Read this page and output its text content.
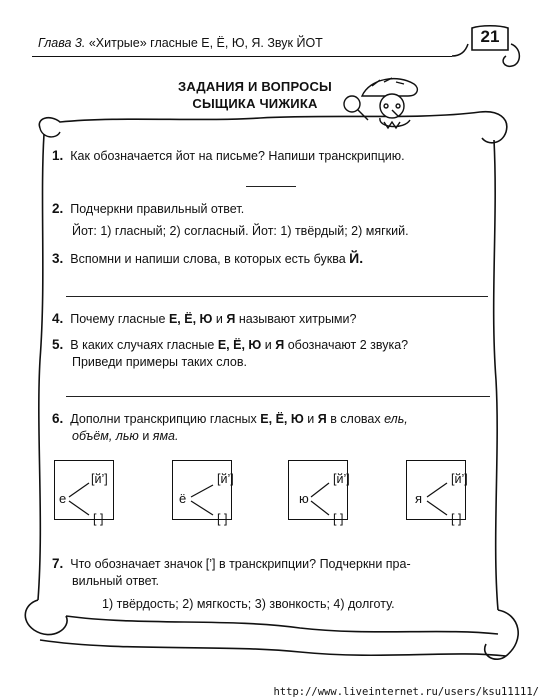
Глава 3. «Хитрые» гласные Е, Ё, Ю, Я. Звук ЙОТ	21
ЗАДАНИЯ И ВОПРОСЫ
СЫЩИКА ЧИЖИКА
1. Как обозначается йот на письме? Напиши транскрипцию.
2. Подчеркни правильный ответ.
Йот: 1) гласный; 2) согласный. Йот: 1) твёрдый; 2) мягкий.
3. Вспомни и напиши слова, в которых есть буква Й.
4. Почему гласные Е, Ё, Ю и Я называют хитрыми?
5. В каких случаях гласные Е, Ё, Ю и Я обозначают 2 звука?
Приведи примеры таких слов.
6. Дополни транскрипцию гласных Е, Ё, Ю и Я в словах ель,
объём, лью и яма.
е
[й’]
[ ]
ё
[й’]
[ ]
ю
[й’]
[ ]
я
[й’]
[ ]
7. Что обозначает значок [’] в транскрипции? Подчеркни пра-
вильный ответ.
1) твёрдость; 2) мягкость; 3) звонкость; 4) долготу.
http://www.liveinternet.ru/users/ksu11111/
